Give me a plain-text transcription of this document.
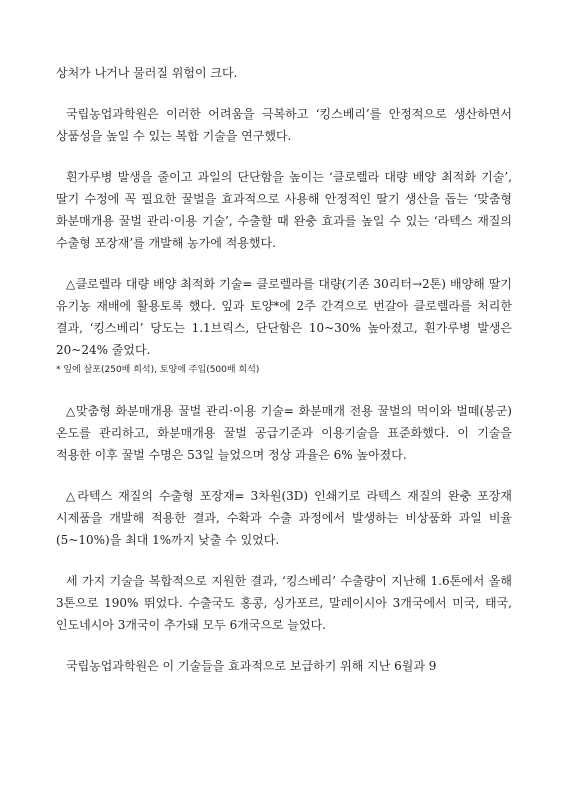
상처가 나거나 물러질 위험이 크다.

국립농업과학원은 이러한 어려움을 극복하고 ‘킹스베리’를 안정적으로 생산하면서 상품성을 높일 수 있는 복합 기술을 연구했다.

흰가루병 발생을 줄이고 과일의 단단함을 높이는 ‘클로렐라 대량 배양 최적화 기술’, 딸기 수정에 꼭 필요한 꿀벌을 효과적으로 사용해 안정적인 딸기 생산을 돕는 ‘맞춤형 화분매개용 꿀벌 관리·이용 기술’, 수출할 때 완충 효과를 높일 수 있는 ‘라텍스 재질의 수출형 포장재’를 개발해 농가에 적용했다.

△클로렐라 대량 배양 최적화 기술= 클로렐라를 대량(기존 30리터→2톤) 배양해 딸기 유기농 재배에 활용토록 했다. 잎과 토양*에 2주 간격으로 번갈아 클로렐라를 처리한 결과, ‘킹스베리’ 당도는 1.1브릭스, 단단함은 10~30% 높아졌고, 흰가루병 발생은 20~24% 줄었다.

* 잎에 살포(250배 희석), 토양에 주입(500배 희석)

△맞춤형 화분매개용 꿀벌 관리·이용 기술= 화분매개 전용 꿀벌의 먹이와 벌떼(봉군) 온도를 관리하고, 화분매개용 꿀벌 공급기준과 이용기술을 표준화했다. 이 기술을 적용한 이후 꿀벌 수명은 53일 늘었으며 정상 과율은 6% 높아졌다.

△라텍스 재질의 수출형 포장재= 3차원(3D) 인쇄기로 라텍스 재질의 완충 포장재 시제품을 개발해 적용한 결과, 수확과 수출 과정에서 발생하는 비상품화 과일 비율(5~10%)을 최대 1%까지 낮출 수 있었다.

세 가지 기술을 복합적으로 지원한 결과, ‘킹스베리’ 수출량이 지난해 1.6톤에서 올해 3톤으로 190% 뛰었다. 수출국도 홍콩, 싱가포르, 말레이시아 3개국에서 미국, 태국, 인도네시아 3개국이 추가돼 모두 6개국으로 늘었다.

국립농업과학원은 이 기술들을 효과적으로 보급하기 위해 지난 6월과 9
